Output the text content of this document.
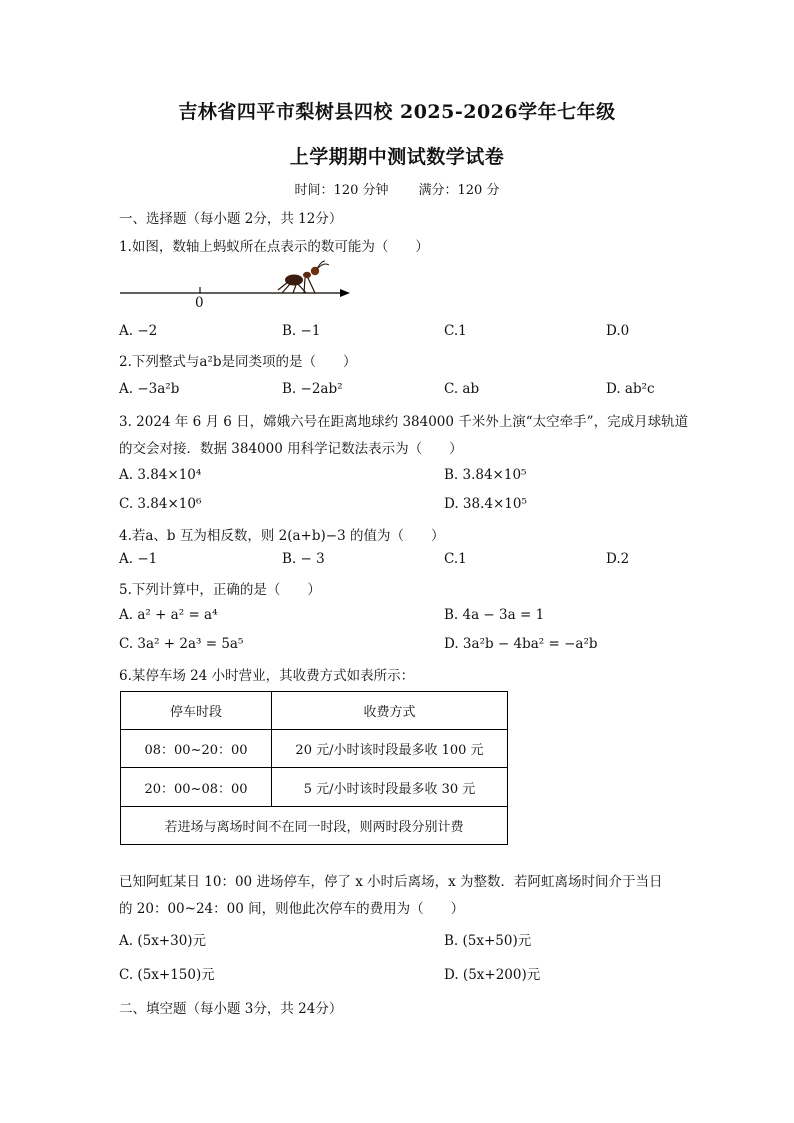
吉林省四平市梨树县四校 2025-2026学年七年级
上学期期中测试数学试卷
时间：120 分钟 满分：120 分
一、选择题（每小题 2分，共 12分）
1.如图，数轴上蚂蚁所在点表示的数可能为（　　）
0
A. −2	B. −1	C.1	D.0
2.下列整式与a²b是同类项的是（　　）
A. −3a²b	B. −2ab²	C. ab	D. ab²c
3. 2024 年 6 月 6 日，嫦娥六号在距离地球约 384000 千米外上演“太空牵手”，完成月球轨道
的交会对接．数据 384000 用科学记数法表示为（　　）
A. 3.84×10⁴	B. 3.84×10⁵
C. 3.84×10⁶	D. 38.4×10⁵
4.若a、b 互为相反数，则 2(a+b)−3 的值为（　　）
A. −1	B. − 3	C.1	D.2
5.下列计算中，正确的是（　　）
A. a² + a² = a⁴	B. 4a − 3a = 1
C. 3a² + 2a³ = 5a⁵	D. 3a²b − 4ba² = −a²b
6.某停车场 24 小时营业，其收费方式如表所示：
停车时段	收费方式
08：00~20：00	20 元/小时该时段最多收 100 元
20：00~08：00	5 元/小时该时段最多收 30 元
若进场与离场时间不在同一时段，则两时段分别计费	
已知阿虹某日 10：00 进场停车，停了 x 小时后离场，x 为整数．若阿虹离场时间介于当日
的 20：00~24：00 间，则他此次停车的费用为（　　）
A. (5x+30)元	B. (5x+50)元
C. (5x+150)元	D. (5x+200)元
二、填空题（每小题 3分，共 24分）
